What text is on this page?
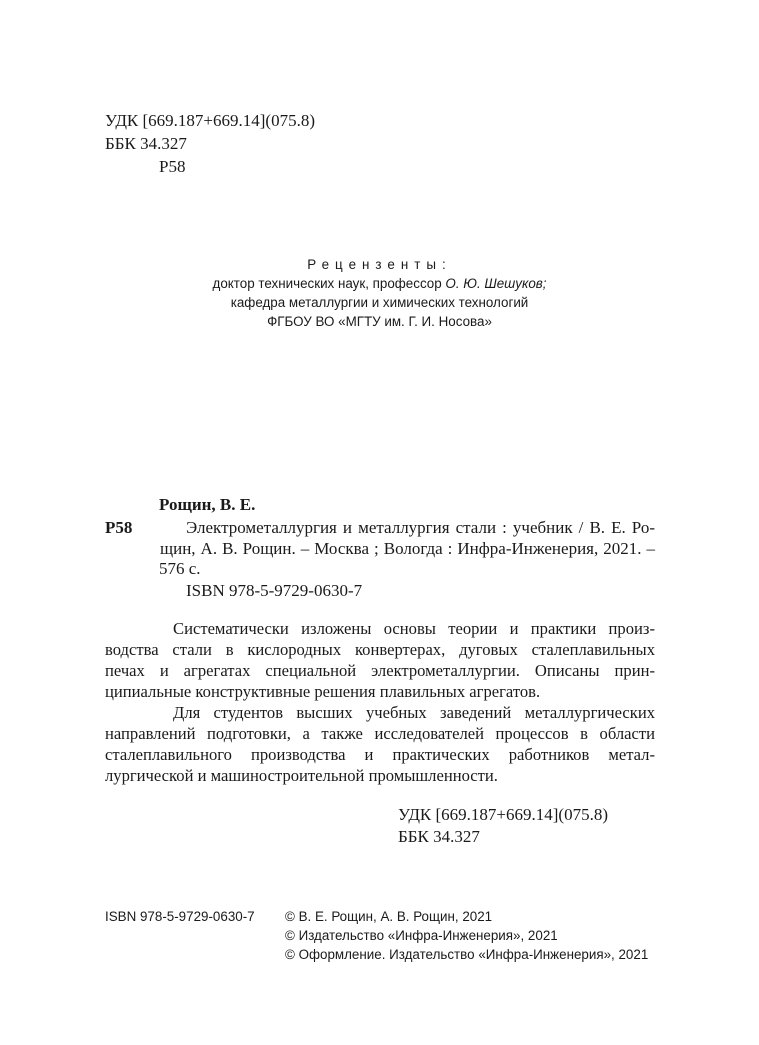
УДК [669.187+669.14](075.8)
ББК 34.327
Р58
Рецензенты:
доктор технических наук, профессор О. Ю. Шешуков;
кафедра металлургии и химических технологий
ФГБОУ ВО «МГТУ им. Г. И. Носова»
Рощин, В. Е.
Р58	Электрометаллургия и металлургия стали : учебник / В. Е. Ро-
щин, А. В. Рощин. – Москва ; Вологда : Инфра-Инженерия, 2021. –
576 с.
ISBN 978-5-9729-0630-7
Систематически изложены основы теории и практики произ-
водства стали в кислородных конвертерах, дуговых сталеплавильных
печах и агрегатах специальной электрометаллургии. Описаны прин-
ципиальные конструктивные решения плавильных агрегатов.
Для студентов высших учебных заведений металлургических
направлений подготовки, а также исследователей процессов в области
сталеплавильного производства и практических работников метал-
лургической и машиностроительной промышленности.
УДК [669.187+669.14](075.8)
ББК 34.327
ISBN 978-5-9729-0630-7 © В. Е. Рощин, А. В. Рощин, 2021
© Издательство «Инфра-Инженерия», 2021
© Оформление. Издательство «Инфра-Инженерия», 2021
